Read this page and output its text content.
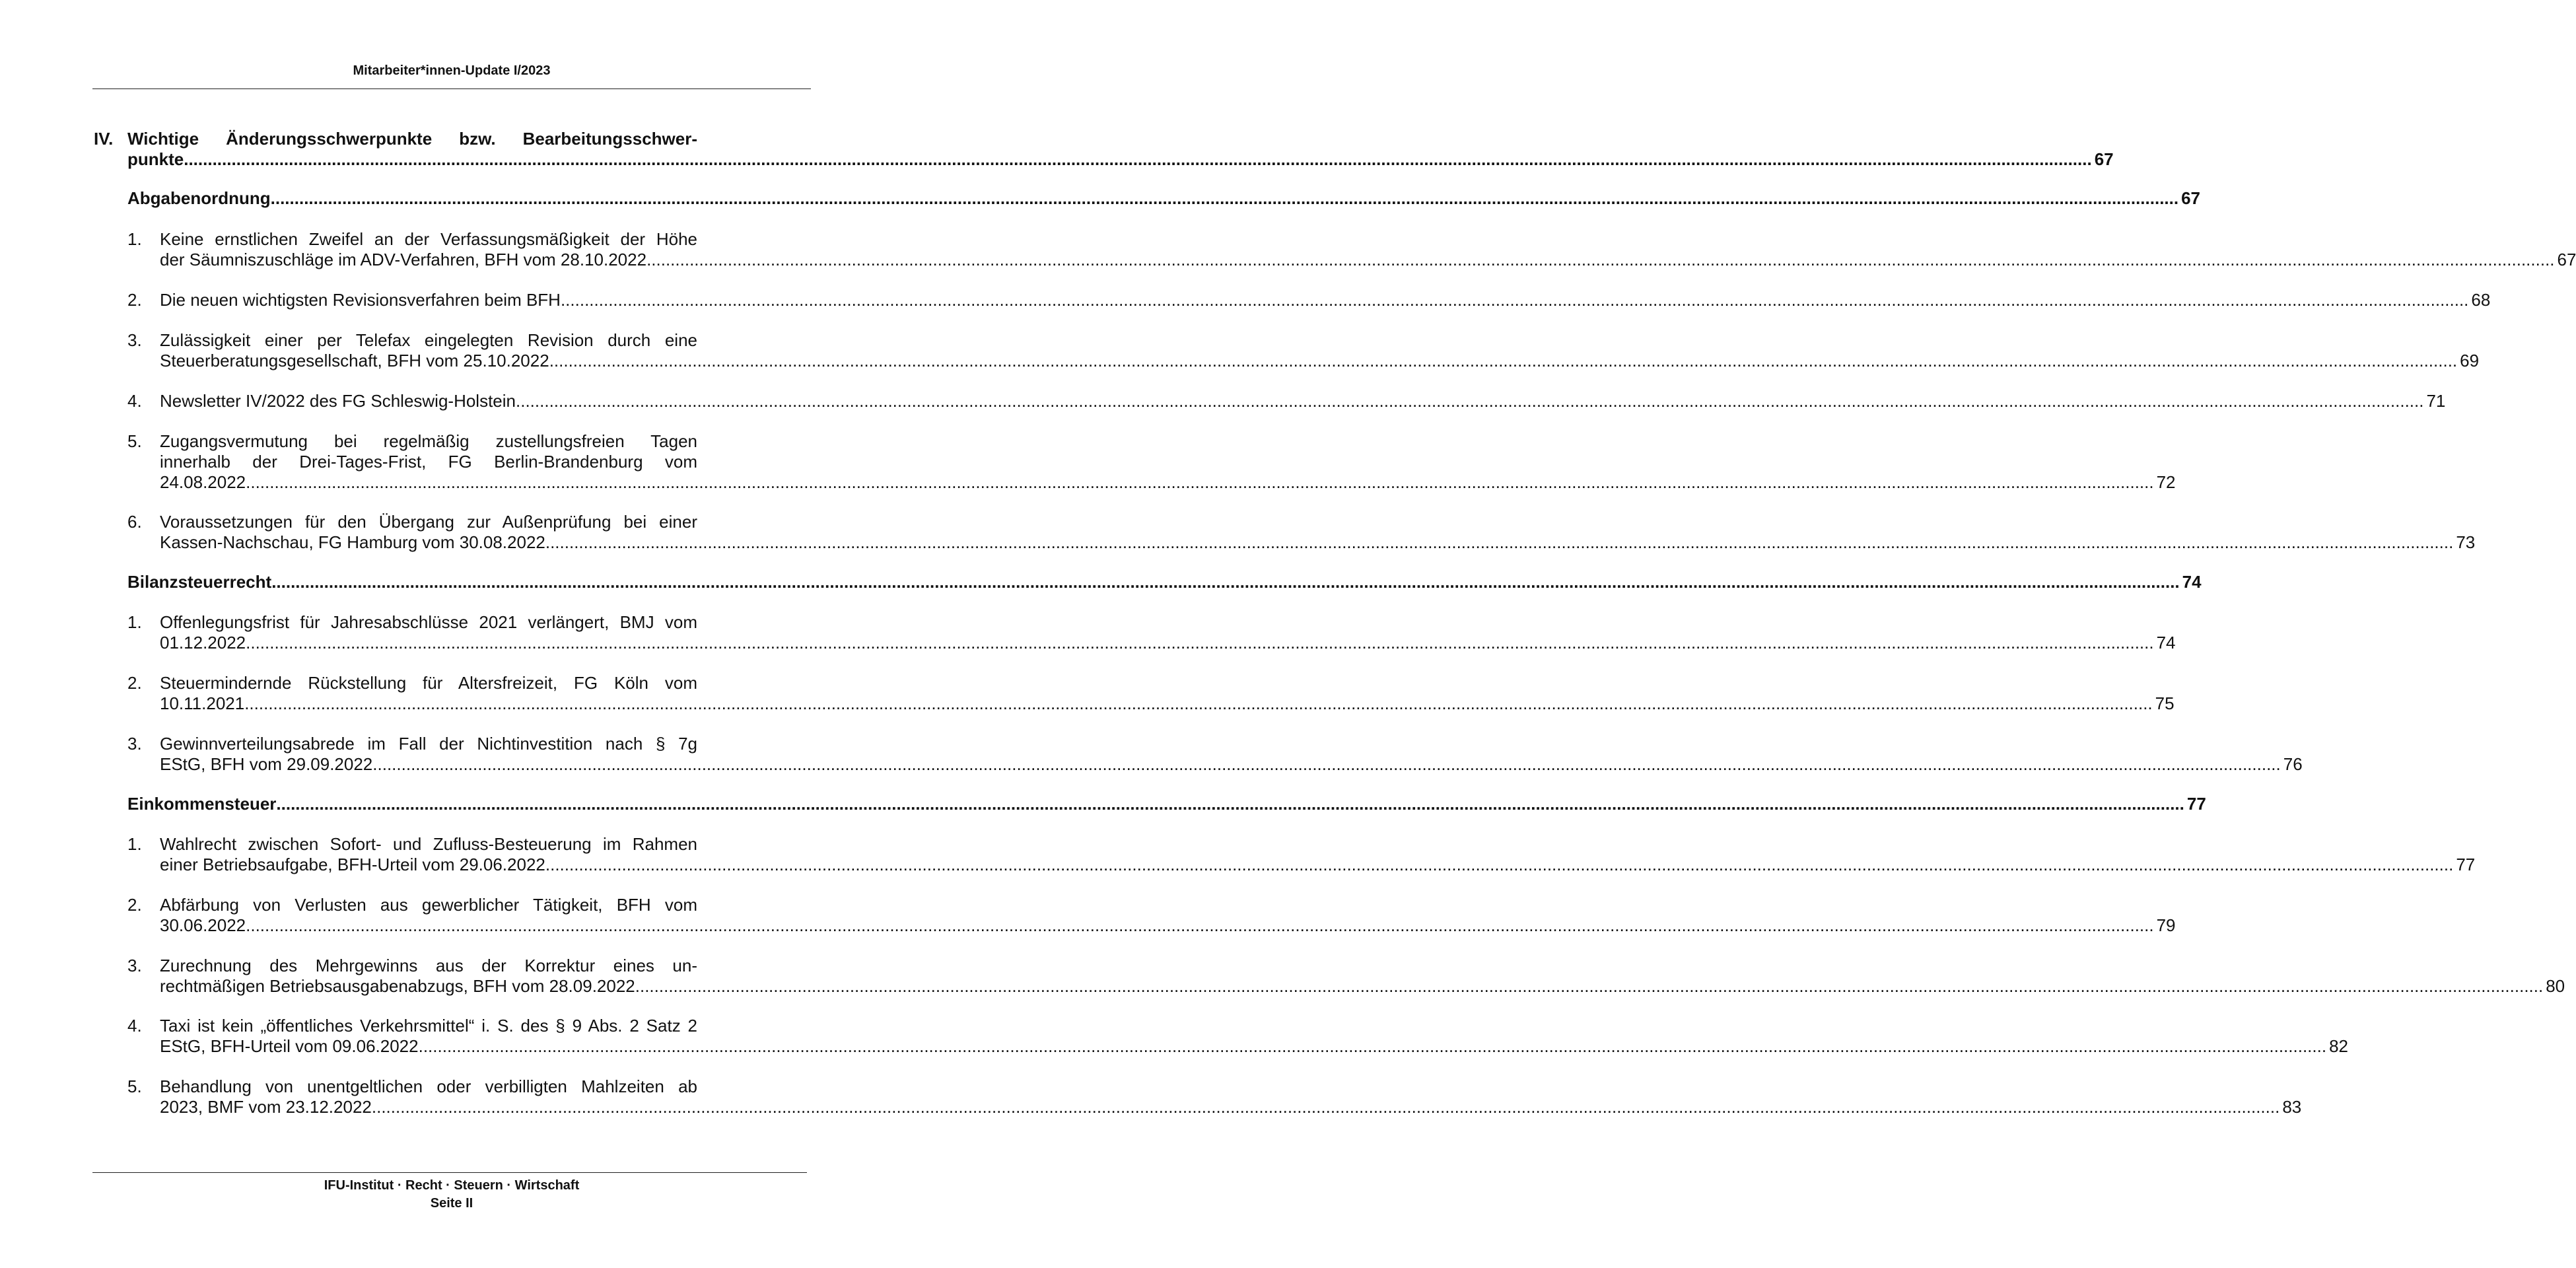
Mitarbeiter*innen-Update I/2023
IV. Wichtige Änderungsschwerpunkte bzw. Bearbeitungsschwer-
punkte ................................................................................................................................................................................................................................................................................................................................................................................................................ 67
Abgabenordnung ................................................................................................................................................................................................................................................................................................................................................................................................................ 67
1. Keine ernstlichen Zweifel an der Verfassungsmäßigkeit der Höhe
der Säumniszuschläge im ADV-Verfahren, BFH vom 28.10.2022 ................................................................................................................................................................................................................................................................................................................................................................................................................ 67
2. Die neuen wichtigsten Revisionsverfahren beim BFH ................................................................................................................................................................................................................................................................................................................................................................................................................ 68
3. Zulässigkeit einer per Telefax eingelegten Revision durch eine
Steuerberatungsgesellschaft, BFH vom 25.10.2022 ................................................................................................................................................................................................................................................................................................................................................................................................................ 69
4. Newsletter IV/2022 des FG Schleswig-Holstein ................................................................................................................................................................................................................................................................................................................................................................................................................ 71
5. Zugangsvermutung bei regelmäßig zustellungsfreien Tagen
innerhalb der Drei-Tages-Frist, FG Berlin-Brandenburg vom
24.08.2022 ................................................................................................................................................................................................................................................................................................................................................................................................................ 72
6. Voraussetzungen für den Übergang zur Außenprüfung bei einer
Kassen-Nachschau, FG Hamburg vom 30.08.2022 ................................................................................................................................................................................................................................................................................................................................................................................................................ 73
Bilanzsteuerrecht ................................................................................................................................................................................................................................................................................................................................................................................................................ 74
1. Offenlegungsfrist für Jahresabschlüsse 2021 verlängert, BMJ vom
01.12.2022 ................................................................................................................................................................................................................................................................................................................................................................................................................ 74
2. Steuermindernde Rückstellung für Altersfreizeit, FG Köln vom
10.11.2021 ................................................................................................................................................................................................................................................................................................................................................................................................................ 75
3. Gewinnverteilungsabrede im Fall der Nichtinvestition nach § 7g
EStG, BFH vom 29.09.2022 ................................................................................................................................................................................................................................................................................................................................................................................................................ 76
Einkommensteuer ................................................................................................................................................................................................................................................................................................................................................................................................................ 77
1. Wahlrecht zwischen Sofort- und Zufluss-Besteuerung im Rahmen
einer Betriebsaufgabe, BFH-Urteil vom 29.06.2022 ................................................................................................................................................................................................................................................................................................................................................................................................................ 77
2. Abfärbung von Verlusten aus gewerblicher Tätigkeit, BFH vom
30.06.2022 ................................................................................................................................................................................................................................................................................................................................................................................................................ 79
3. Zurechnung des Mehrgewinns aus der Korrektur eines un-
rechtmäßigen Betriebsausgabenabzugs, BFH vom 28.09.2022 ................................................................................................................................................................................................................................................................................................................................................................................................................ 80
4. Taxi ist kein „öffentliches Verkehrsmittel“ i. S. des § 9 Abs. 2 Satz 2
EStG, BFH-Urteil vom 09.06.2022 ................................................................................................................................................................................................................................................................................................................................................................................................................ 82
5. Behandlung von unentgeltlichen oder verbilligten Mahlzeiten ab
2023, BMF vom 23.12.2022 ................................................................................................................................................................................................................................................................................................................................................................................................................ 83
IFU-Institut · Recht · Steuern · Wirtschaft
Seite II
